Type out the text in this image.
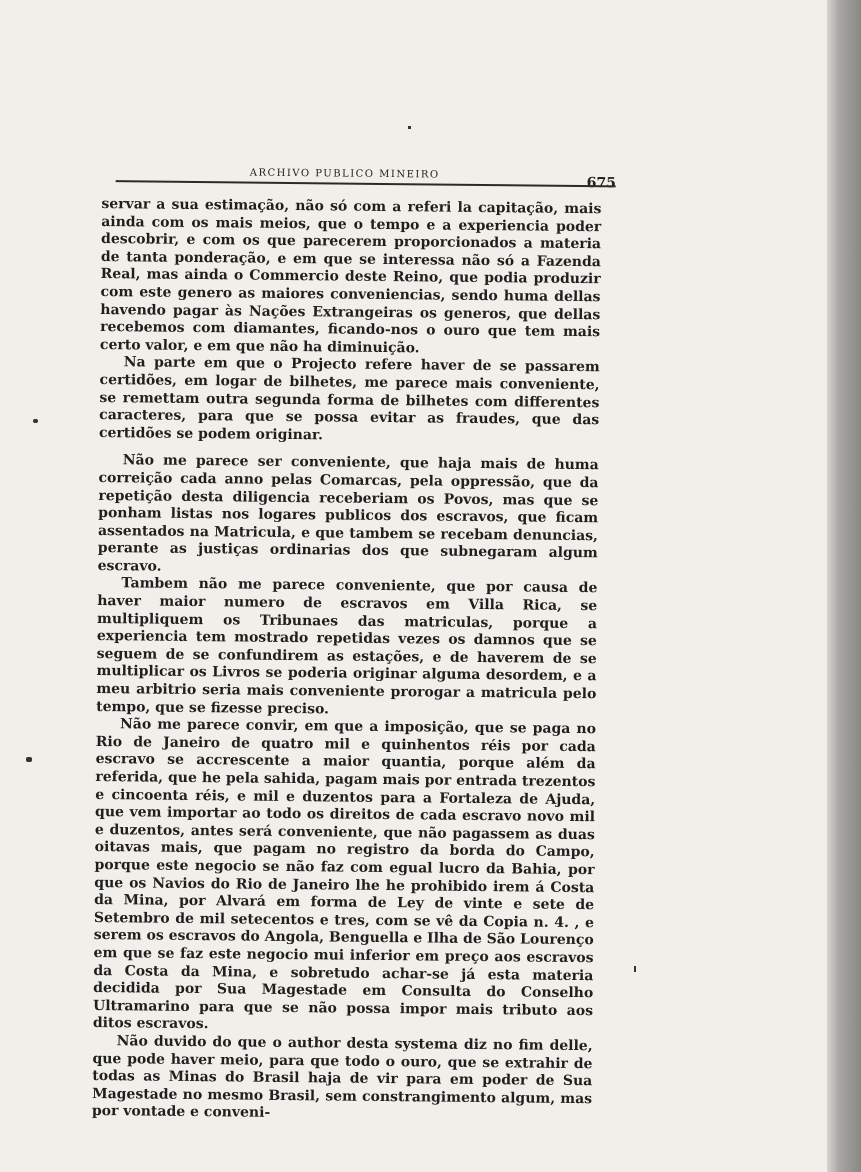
ARCHIVO PUBLICO MINEIRO
675

servar a sua estimação, não só com a referi la capitação, mais ainda com os mais meios, que o tempo e a experiencia poder descobrir, e com os que parecerem proporcionados a materia de tanta ponderação, e em que se interessa não só a Fazenda Real, mas ainda o Commercio deste Reino, que podia produzir com este genero as maiores conveniencias, sendo huma dellas havendo pagar às Nações Extrangeiras os generos, que dellas recebemos com diamantes, ficando-nos o ouro que tem mais certo valor, e em que não ha diminuição.

Na parte em que o Projecto refere haver de se passarem certidões, em logar de bilhetes, me parece mais conveniente, se remettam outra segunda forma de bilhetes com differentes caracteres, para que se possa evitar as fraudes, que das certidões se podem originar.

Não me parece ser conveniente, que haja mais de huma correição cada anno pelas Comarcas, pela oppressão, que da repetição desta diligencia receberiam os Povos, mas que se ponham listas nos logares publicos dos escravos, que ficam assentados na Matricula, e que tambem se recebam denuncias, perante as justiças ordinarias dos que subnegaram algum escravo.

Tambem não me parece conveniente, que por causa de haver maior numero de escravos em Villa Rica, se multipliquem os Tribunaes das matriculas, porque a experiencia tem mostrado repetidas vezes os damnos que se seguem de se confundirem as estações, e de haverem de se multiplicar os Livros se poderia originar alguma desordem, e a meu arbitrio seria mais conveniente prorogar a matricula pelo tempo, que se fizesse preciso.

Não me parece convir, em que a imposição, que se paga no Rio de Janeiro de quatro mil e quinhentos réis por cada escravo se accrescente a maior quantia, porque além da referida, que he pela sahida, pagam mais por entrada trezentos e cincoenta réis, e mil e duzentos para a Fortaleza de Ajuda, que vem importar ao todo os direitos de cada escravo novo mil e duzentos, antes será conveniente, que não pagassem as duas oitavas mais, que pagam no registro da borda do Campo, porque este negocio se não faz com egual lucro da Bahia, por que os Navios do Rio de Janeiro lhe he prohibido irem á Costa da Mina, por Alvará em forma de Ley de vinte e sete de Setembro de mil setecentos e tres, com se vê da Copia n. 4. , e serem os escravos do Angola, Benguella e Ilha de São Lourenço em que se faz este negocio mui inferior em preço aos escravos da Costa da Mina, e sobretudo achar-se já esta materia decidida por Sua Magestade em Consulta do Conselho Ultramarino para que se não possa impor mais tributo aos ditos escravos.

Não duvido do que o author desta systema diz no fim delle, que pode haver meio, para que todo o ouro, que se extrahir de todas as Minas do Brasil haja de vir para em poder de Sua Magestade no mesmo Brasil, sem constrangimento algum, mas por vontade e conveni-
